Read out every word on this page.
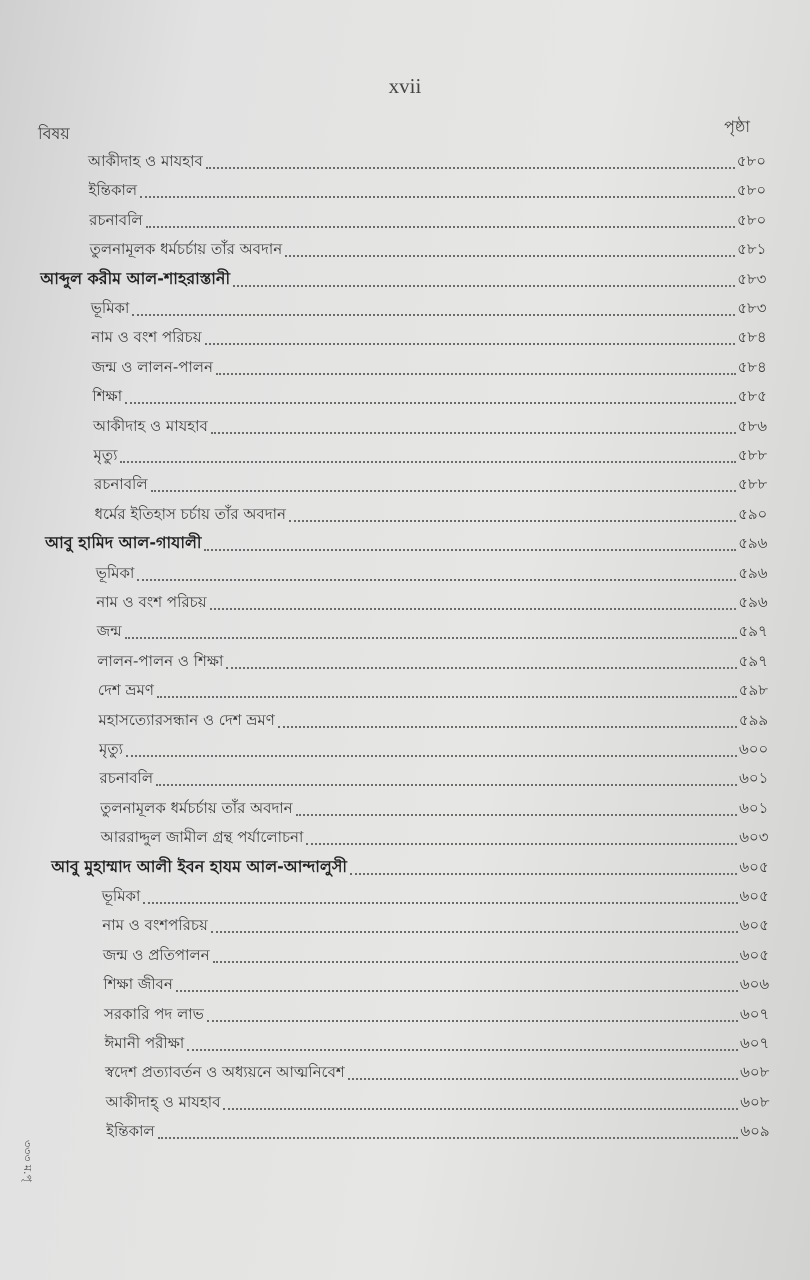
xvii
বিষয়	পৃষ্ঠা
আকীদাহ ও মাযহাব	৫৮০
ইন্তিকাল	৫৮০
রচনাবলি	৫৮০
তুলনামূলক ধর্মচর্চায় তাঁর অবদান	৫৮১
আব্দুল করীম আল-শাহরাস্তানী	৫৮৩
ভূমিকা	৫৮৩
নাম ও বংশ পরিচয়	৫৮৪
জন্ম ও লালন-পালন	৫৮৪
শিক্ষা	৫৮৫
আকীদাহ ও মাযহাব	৫৮৬
মৃত্যু	৫৮৮
রচনাবলি	৫৮৮
ধর্মের ইতিহাস চর্চায় তাঁর অবদান	৫৯০
আবু হামিদ আল-গাযালী	৫৯৬
ভূমিকা	৫৯৬
নাম ও বংশ পরিচয়	৫৯৬
জন্ম	৫৯৭
লালন-পালন ও শিক্ষা	৫৯৭
দেশ ভ্রমণ	৫৯৮
মহাসত্যোরসন্ধান ও দেশ ভ্রমণ	৫৯৯
মৃত্যু	৬০০
রচনাবলি	৬০১
তুলনামূলক ধর্মচর্চায় তাঁর অবদান	৬০১
আররাদ্দুল জামীল গ্রন্থ পর্যালোচনা	৬০৩
আবু মুহাম্মাদ আলী ইবন হাযম আল-আন্দালুসী	৬০৫
ভূমিকা	৬০৫
নাম ও বংশপরিচয়	৬০৫
জন্ম ও প্রতিপালন	৬০৫
শিক্ষা জীবন	৬০৬
সরকারি পদ লাভ	৬০৭
ঈমানী পরীক্ষা	৬০৭
স্বদেশ প্রত্যাবর্তন ও অধ্যয়নে আত্মনিবেশ	৬০৮
আকীদাহ্ ও মাযহাব	৬০৮
ইন্তিকাল	৬০৯
৩৩৩ ম.পৃ
